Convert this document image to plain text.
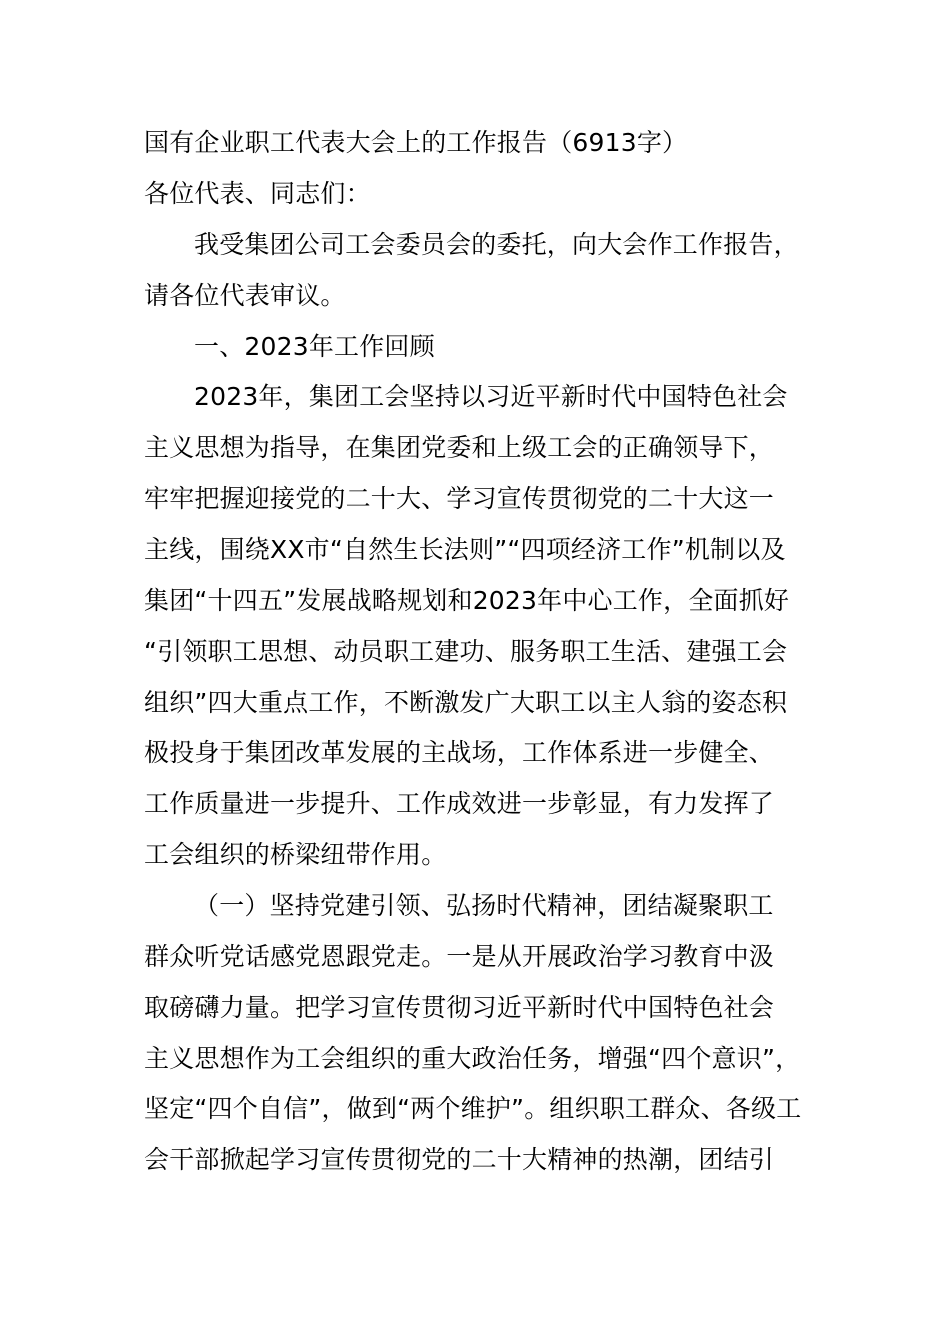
国有企业职工代表大会上的工作报告（6913字）
各位代表、同志们：
我受集团公司工会委员会的委托，向大会作工作报告，
请各位代表审议。
一、2023年工作回顾
2023年，集团工会坚持以习近平新时代中国特色社会
主义思想为指导，在集团党委和上级工会的正确领导下，
牢牢把握迎接党的二十大、学习宣传贯彻党的二十大这一
主线，围绕XX市“自然生长法则”“四项经济工作”机制以及
集团“十四五”发展战略规划和2023年中心工作，全面抓好
“引领职工思想、动员职工建功、服务职工生活、建强工会
组织”四大重点工作，不断激发广大职工以主人翁的姿态积
极投身于集团改革发展的主战场，工作体系进一步健全、
工作质量进一步提升、工作成效进一步彰显，有力发挥了
工会组织的桥梁纽带作用。
（一）坚持党建引领、弘扬时代精神，团结凝聚职工
群众听党话感党恩跟党走。一是从开展政治学习教育中汲
取磅礴力量。把学习宣传贯彻习近平新时代中国特色社会
主义思想作为工会组织的重大政治任务，增强“四个意识”，
坚定“四个自信”，做到“两个维护”。组织职工群众、各级工
会干部掀起学习宣传贯彻党的二十大精神的热潮，团结引
